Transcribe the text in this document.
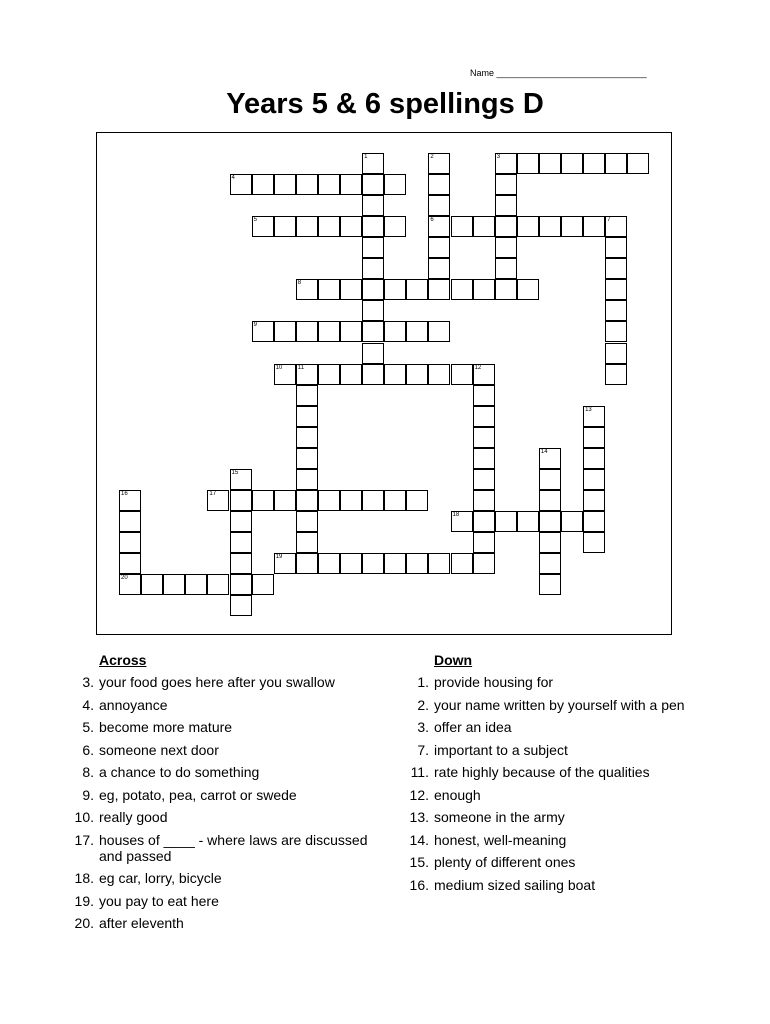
Name ______________________________
Years 5 & 6 spellings D
Across
3. your food goes here after you swallow
4. annoyance
5. become more mature
6. someone next door
8. a chance to do something
9. eg, potato, pea, carrot or swede
10. really good
17. houses of ____ - where laws are discussed and passed
18. eg car, lorry, bicycle
19. you pay to eat here
20. after eleventh
Down
1. provide housing for
2. your name written by yourself with a pen
3. offer an idea
7. important to a subject
11. rate highly because of the qualities
12. enough
13. someone in the army
14. honest, well-meaning
15. plenty of different ones
16. medium sized sailing boat
1	2
6
3
4
5	7
8
9
10	11	12
13
14
15
16
20
17
18
19
